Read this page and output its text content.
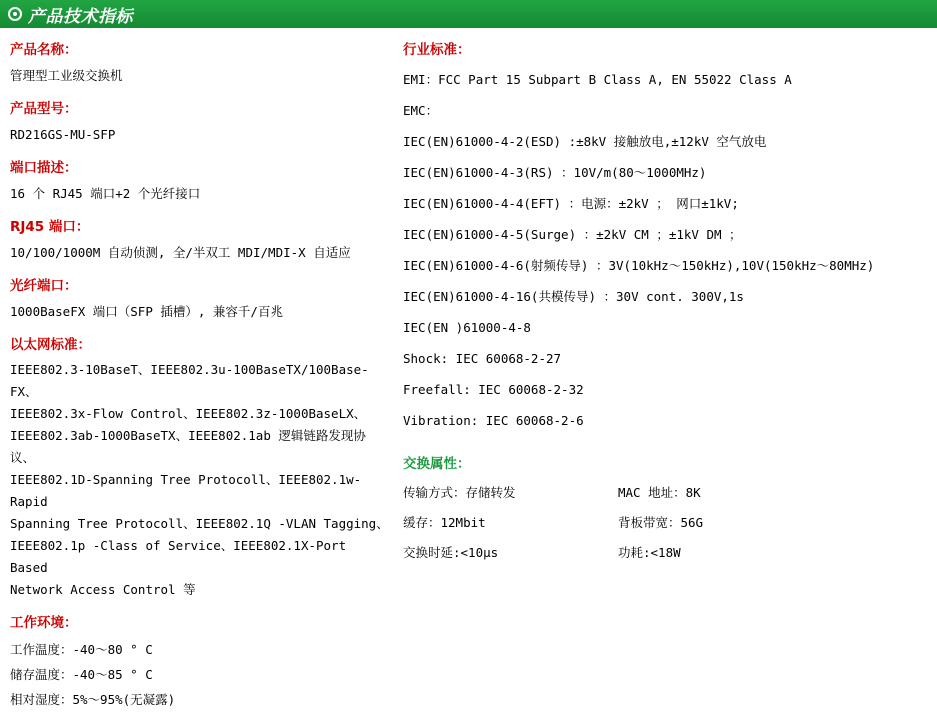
产品技术指标
产品名称：
管理型工业级交换机
产品型号：
RD216GS-MU-SFP
端口描述：
16 个 RJ45 端口+2 个光纤接口
RJ45 端口：
10/100/1000M 自动侦测, 全/半双工 MDI/MDI-X 自适应
光纤端口：
1000BaseFX 端口（SFP 插槽）, 兼容千/百兆
以太网标准：
IEEE802.3-10BaseT、IEEE802.3u-100BaseTX/100Base-FX、
IEEE802.3x-Flow Control、IEEE802.3z-1000BaseLX、
IEEE802.3ab-1000BaseTX、IEEE802.1ab 逻辑链路发现协议、
IEEE802.1D-Spanning Tree Protocoll、IEEE802.1w-Rapid
Spanning Tree Protocoll、IEEE802.1Q -VLAN Tagging、
IEEE802.1p -Class of Service、IEEE802.1X-Port Based
Network Access Control 等
工作环境：
工作温度：-40～80 ° C
储存温度：-40～85 ° C
相对湿度：5%～95%(无凝露)
行业标准：
EMI：FCC Part 15 Subpart B Class A, EN 55022 Class A
EMC：
IEC(EN)61000-4-2(ESD) :±8kV 接触放电,±12kV 空气放电
IEC(EN)61000-4-3(RS) ：10V/m(80～1000MHz)
IEC(EN)61000-4-4(EFT) ：电源：±2kV ； 网口±1kV;
IEC(EN)61000-4-5(Surge) ：±2kV CM ；±1kV DM ；
IEC(EN)61000-4-6(射频传导) ：3V(10kHz～150kHz),10V(150kHz～80MHz)
IEC(EN)61000-4-16(共模传导) ：30V cont. 300V,1s
IEC(EN )61000-4-8
Shock: IEC 60068-2-27
Freefall: IEC 60068-2-32
Vibration: IEC 60068-2-6
交换属性：
传输方式：存储转发	MAC 地址：8K
缓存：12Mbit	背板带宽：56G
交换时延:<10μs	功耗:<18W
